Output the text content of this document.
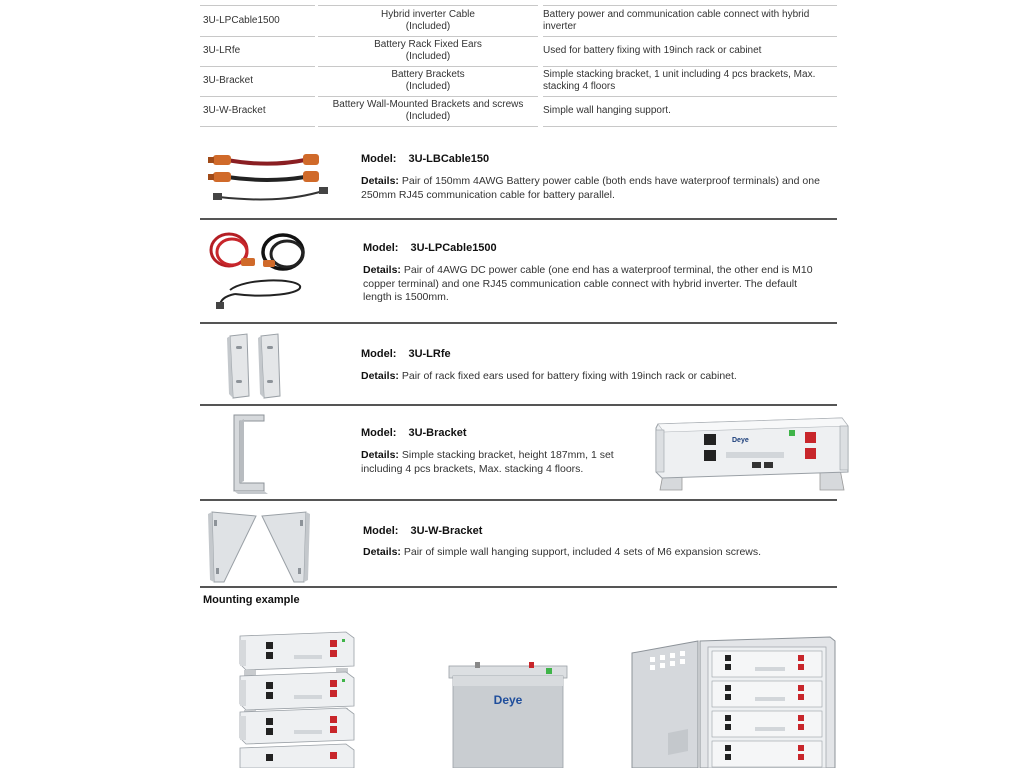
3U-LPCable1500
Hybrid inverter Cable
(Included)
Battery power and communication cable connect with hybrid inverter
3U-LRfe
Battery Rack Fixed Ears
(Included)
Used for battery fixing with 19inch rack or cabinet
3U-Bracket
Battery Brackets
(Included)
Simple stacking bracket, 1 unit including 4 pcs brackets, Max. stacking 4 floors
3U-W-Bracket
Battery Wall-Mounted Brackets and screws
(Included)
Simple wall hanging support.
Model: 3U-LBCable150
Details: Pair of 150mm 4AWG Battery power cable (both ends have waterproof terminals) and one 250mm RJ45 communication cable for battery parallel.
Model: 3U-LPCable1500
Details: Pair of 4AWG DC power cable (one end has a waterproof terminal, the other end is M10 copper terminal) and one RJ45 communication cable connect with hybrid inverter. The default length is 1500mm.
Model: 3U-LRfe
Details: Pair of rack fixed ears used for battery fixing with 19inch rack or cabinet.
Model: 3U-Bracket
Details: Simple stacking bracket, height 187mm, 1 set including 4 pcs brackets, Max. stacking 4 floors.
Deye
Model: 3U-W-Bracket
Details: Pair of simple wall hanging support, included 4 sets of M6 expansion screws.
Mounting example
Deye
